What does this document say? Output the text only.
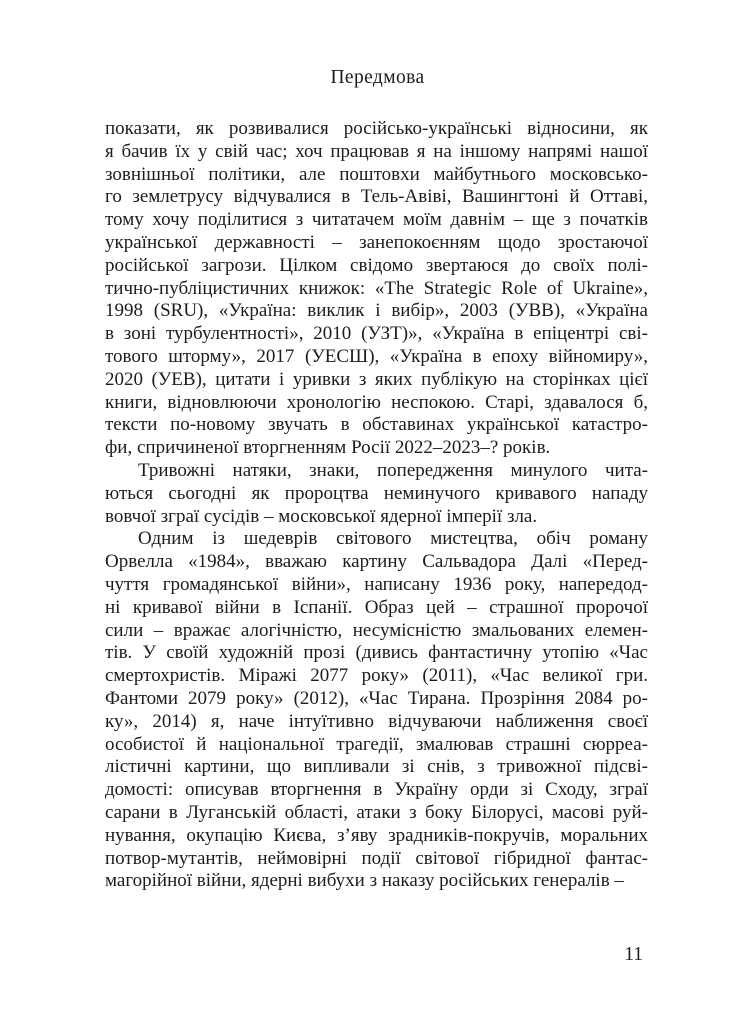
Передмова
показати, як розвивалися російсько-українські відносини, як
я бачив їх у свій час; хоч працював я на іншому напрямі нашої
зовнішньої політики, але поштовхи майбутнього московсько-
го землетрусу відчувалися в Тель-Авіві, Вашингтоні й Оттаві,
тому хочу поділитися з читатачем моїм давнім – ще з початків
української державності – занепокоєнням щодо зростаючої
російської загрози. Цілком свідомо звертаюся до своїх полі-
тично-публіцистичних книжок: «The Strategic Role of Ukraine»,
1998 (SRU), «Україна: виклик і вибір», 2003 (УВВ), «Україна
в зоні турбулентності», 2010 (УЗТ)», «Україна в епіцентрі сві-
тового шторму», 2017 (УЕСШ), «Україна в епоху війномиру»,
2020 (УЕВ), цитати і уривки з яких публікую на сторінках цієї
книги, відновлюючи хронологію неспокою. Старі, здавалося б,
тексти по-новому звучать в обставинах української катастро-
фи, спричиненої вторгненням Росії 2022–2023–? років.
Тривожні натяки, знаки, попередження минулого чита-
ються сьогодні як пророцтва неминучого кривавого нападу
вовчої зграї сусідів – московської ядерної імперії зла.
Одним із шедеврів світового мистецтва, обіч роману
Орвелла «1984», вважаю картину Сальвадора Далі «Перед-
чуття громадянської війни», написану 1936 року, напередод-
ні кривавої війни в Іспанії. Образ цей – страшної пророчої
сили – вражає алогічністю, несумісністю змальованих елемен-
тів. У своїй художній прозі (дивись фантастичну утопію «Час
смертохристів. Міражі 2077 року» (2011), «Час великої гри.
Фантоми 2079 року» (2012), «Час Тирана. Прозріння 2084 ро-
ку», 2014) я, наче інтуїтивно відчуваючи наближення своєї
особистої й національної трагедії, змалював страшні сюрреа-
лістичні картини, що випливали зі снів, з тривожної підсві-
домості: описував вторгнення в Україну орди зі Сходу, зграї
сарани в Луганській області, атаки з боку Білорусі, масові руй-
нування, окупацію Києва, з’яву зрадників-покручів, моральних
потвор-мутантів, неймовірні події світової гібридної фантас-
магорійної війни, ядерні вибухи з наказу російських генералів –
11
